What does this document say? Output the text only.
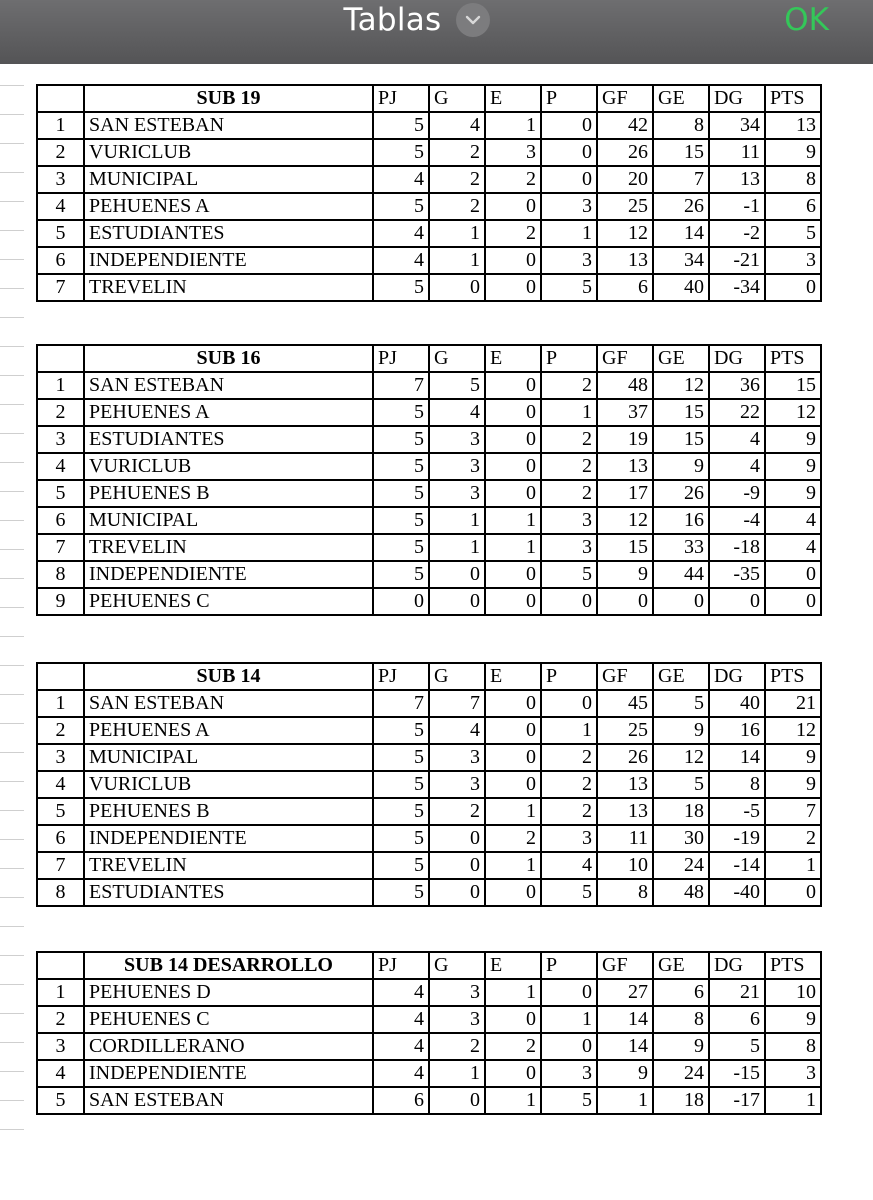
Tablas	OK
	SUB 19	PJ	G	E	P	GF	GE	DG	PTS
1	SAN ESTEBAN	5	4	1	0	42	8	34	13
2	VURICLUB	5	2	3	0	26	15	11	9
3	MUNICIPAL	4	2	2	0	20	7	13	8
4	PEHUENES A	5	2	0	3	25	26	-1	6
5	ESTUDIANTES	4	1	2	1	12	14	-2	5
6	INDEPENDIENTE	4	1	0	3	13	34	-21	3
7	TREVELIN	5	0	0	5	6	40	-34	0
	SUB 16	PJ	G	E	P	GF	GE	DG	PTS
1	SAN ESTEBAN	7	5	0	2	48	12	36	15
2	PEHUENES A	5	4	0	1	37	15	22	12
3	ESTUDIANTES	5	3	0	2	19	15	4	9
4	VURICLUB	5	3	0	2	13	9	4	9
5	PEHUENES B	5	3	0	2	17	26	-9	9
6	MUNICIPAL	5	1	1	3	12	16	-4	4
7	TREVELIN	5	1	1	3	15	33	-18	4
8	INDEPENDIENTE	5	0	0	5	9	44	-35	0
9	PEHUENES C	0	0	0	0	0	0	0	0
	SUB 14	PJ	G	E	P	GF	GE	DG	PTS
1	SAN ESTEBAN	7	7	0	0	45	5	40	21
2	PEHUENES A	5	4	0	1	25	9	16	12
3	MUNICIPAL	5	3	0	2	26	12	14	9
4	VURICLUB	5	3	0	2	13	5	8	9
5	PEHUENES B	5	2	1	2	13	18	-5	7
6	INDEPENDIENTE	5	0	2	3	11	30	-19	2
7	TREVELIN	5	0	1	4	10	24	-14	1
8	ESTUDIANTES	5	0	0	5	8	48	-40	0
	SUB 14 DESARROLLO	PJ	G	E	P	GF	GE	DG	PTS
1	PEHUENES D	4	3	1	0	27	6	21	10
2	PEHUENES C	4	3	0	1	14	8	6	9
3	CORDILLERANO	4	2	2	0	14	9	5	8
4	INDEPENDIENTE	4	1	0	3	9	24	-15	3
5	SAN ESTEBAN	6	0	1	5	1	18	-17	1
